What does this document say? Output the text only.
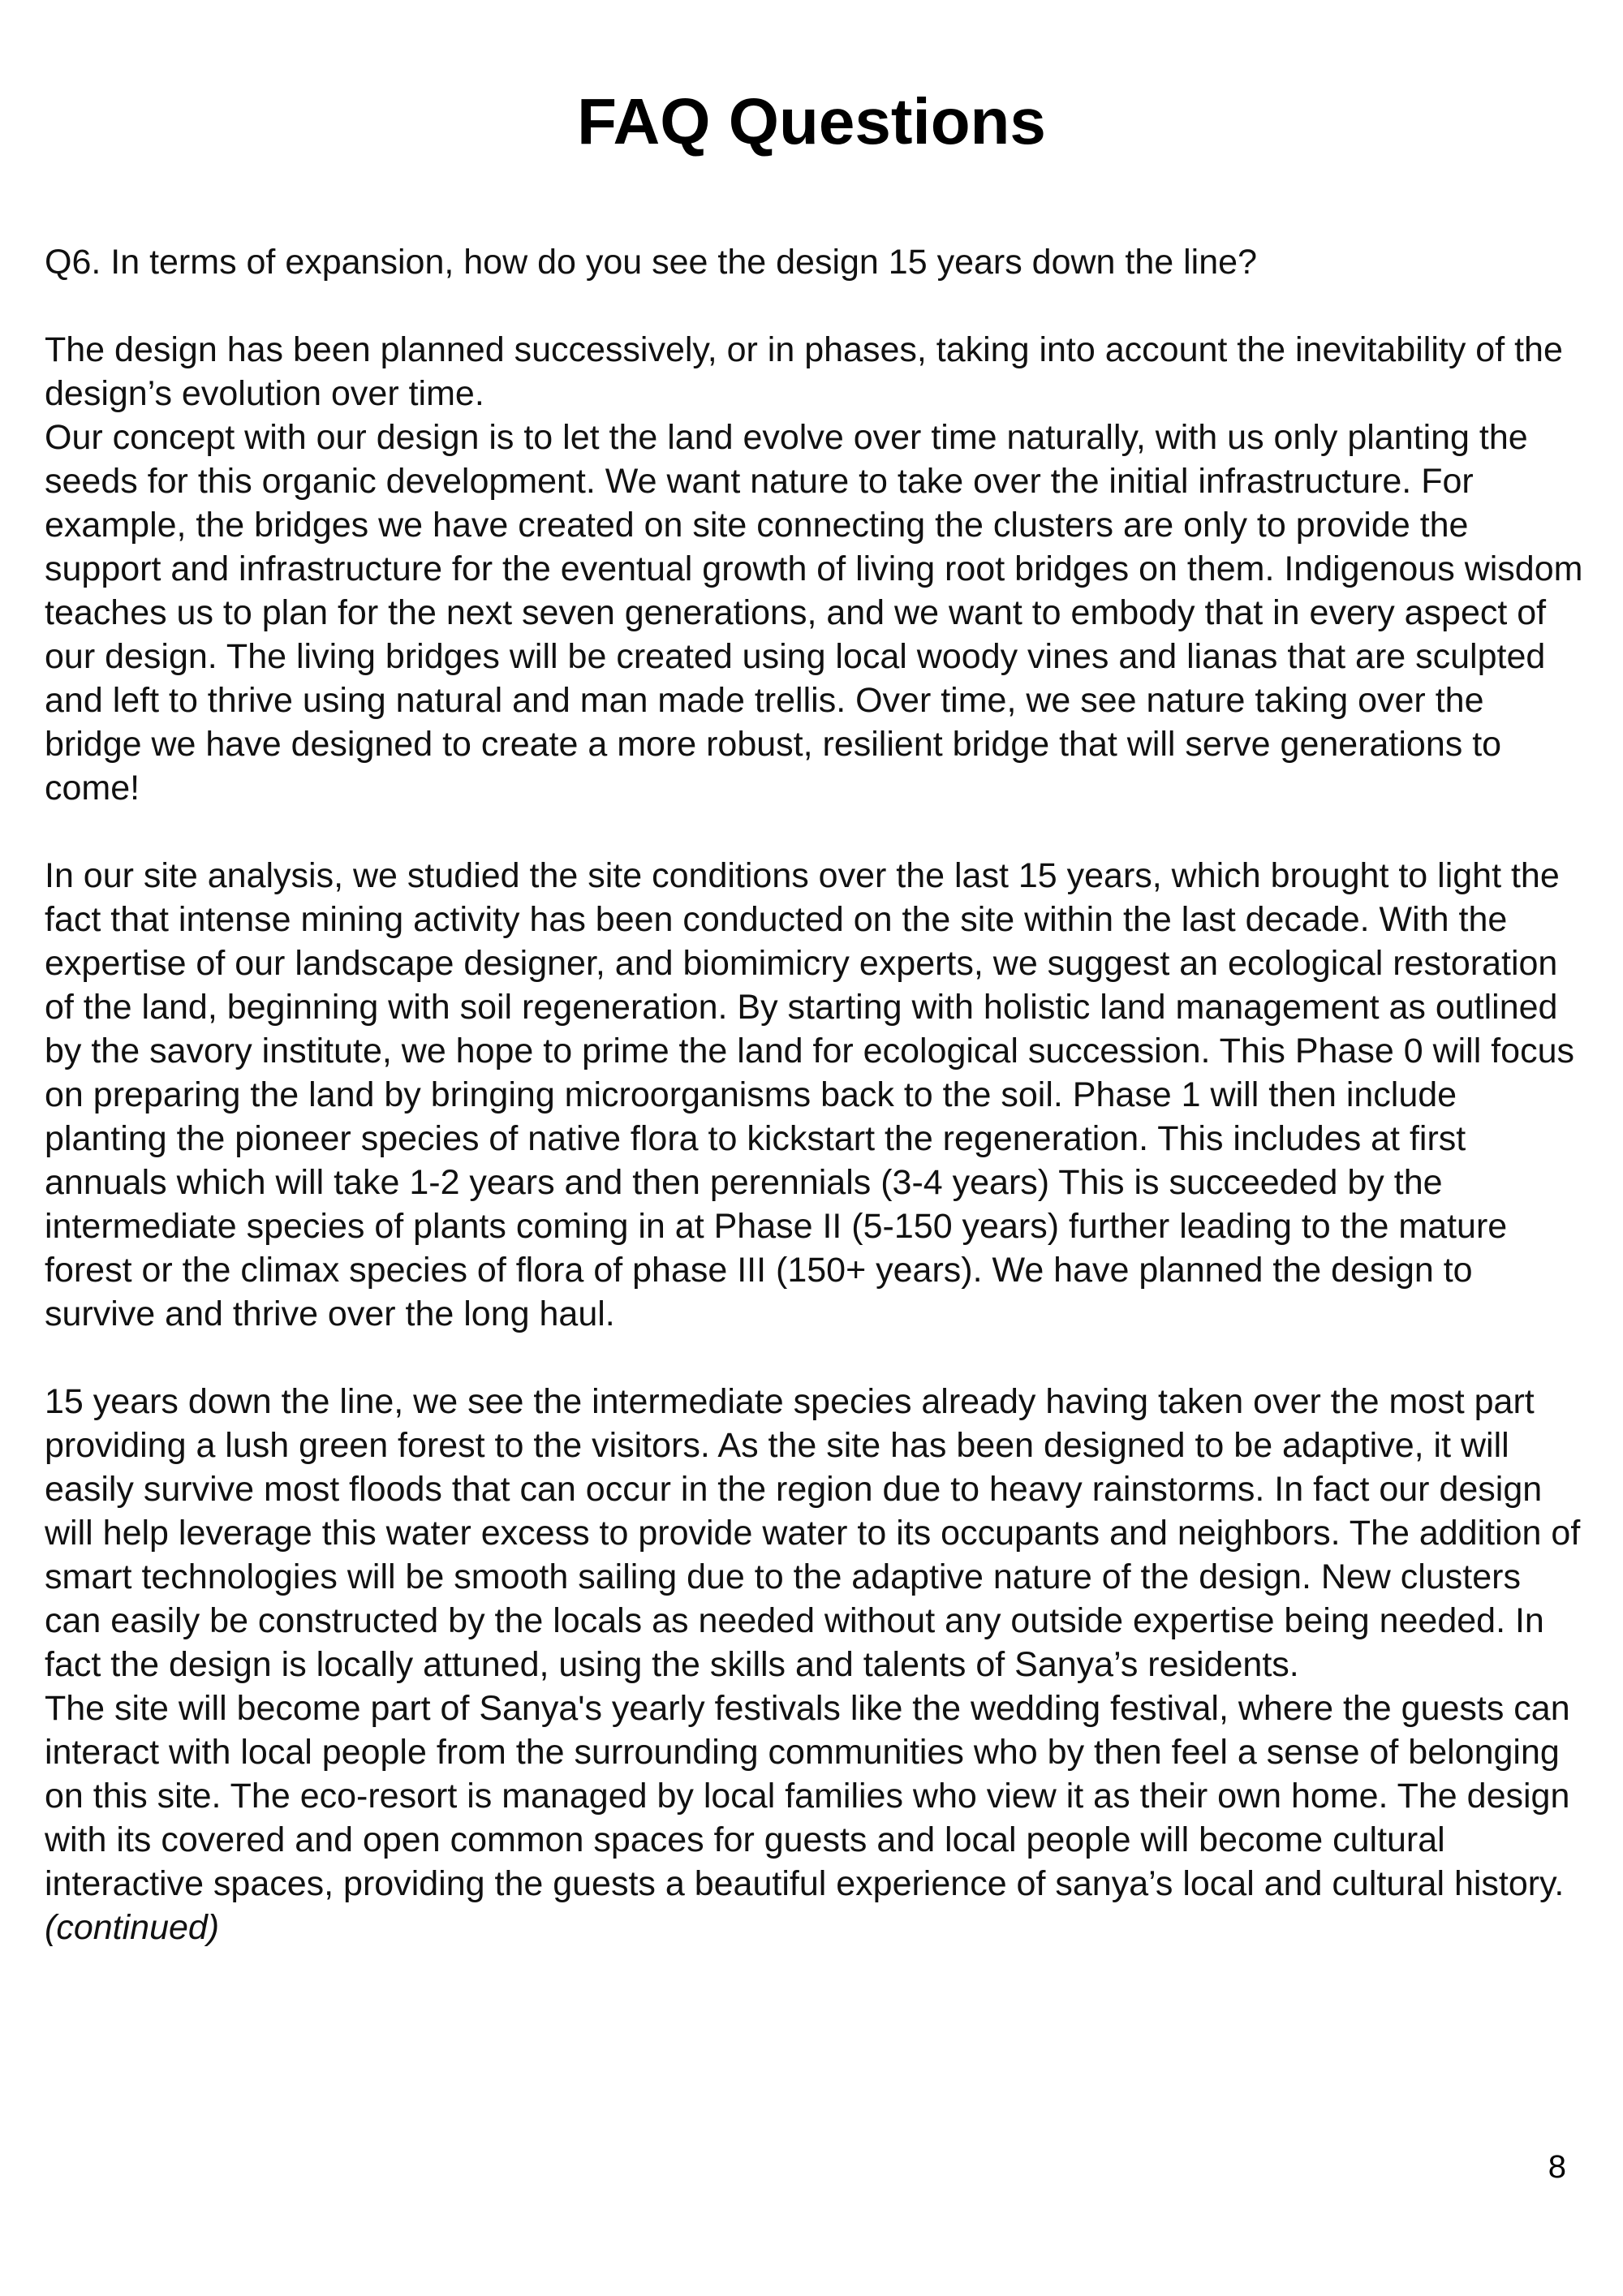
FAQ Questions

Q6. In terms of expansion, how do you see the design 15 years down the line?

The design has been planned successively, or in phases, taking into account the inevitability of the design’s evolution over time.

Our concept with our design is to let the land evolve over time naturally, with us only planting the seeds for this organic development. We want nature to take over the initial infrastructure. For example, the bridges we have created on site connecting the clusters are only to provide the support and infrastructure for the eventual growth of living root bridges on them. Indigenous wisdom teaches us to plan for the next seven generations, and we want to embody that in every aspect of our design. The living bridges will be created using local woody vines and lianas that are sculpted and left to thrive using natural and man made trellis. Over time, we see nature taking over the bridge we have designed to create a more robust, resilient bridge that will serve generations to come!

In our site analysis, we studied the site conditions over the last 15 years, which brought to light the fact that intense mining activity has been conducted on the site within the last decade. With the expertise of our landscape designer, and biomimicry experts, we suggest an ecological restoration of the land, beginning with soil regeneration. By starting with holistic land management as outlined by the savory institute, we hope to prime the land for ecological succession. This Phase 0 will focus on preparing the land by bringing microorganisms back to the soil. Phase 1 will then include planting the pioneer species of native flora to kickstart the regeneration. This includes at first annuals which will take 1-2 years and then perennials (3-4 years) This is succeeded by the intermediate species of plants coming in at Phase II (5-150 years) further leading to the mature forest or the climax species of flora of phase III (150+ years). We have planned the design to survive and thrive over the long haul.

15 years down the line, we see the intermediate species already having taken over the most part providing a lush green forest to the visitors. As the site has been designed to be adaptive, it will easily survive most floods that can occur in the region due to heavy rainstorms. In fact our design will help leverage this water excess to provide water to its occupants and neighbors. The addition of smart technologies will be smooth sailing due to the adaptive nature of the design. New clusters can easily be constructed by the locals as needed without any outside expertise being needed. In fact the design is locally attuned, using the skills and talents of Sanya’s residents.

The site will become part of Sanya's yearly festivals like the wedding festival, where the guests can interact with local people from the surrounding communities who by then feel a sense of belonging on this site. The eco-resort is managed by local families who view it as their own home. The design with its covered and open common spaces for guests and local people will become cultural interactive spaces, providing the guests a beautiful experience of sanya’s local and cultural history.

(continued)

8
